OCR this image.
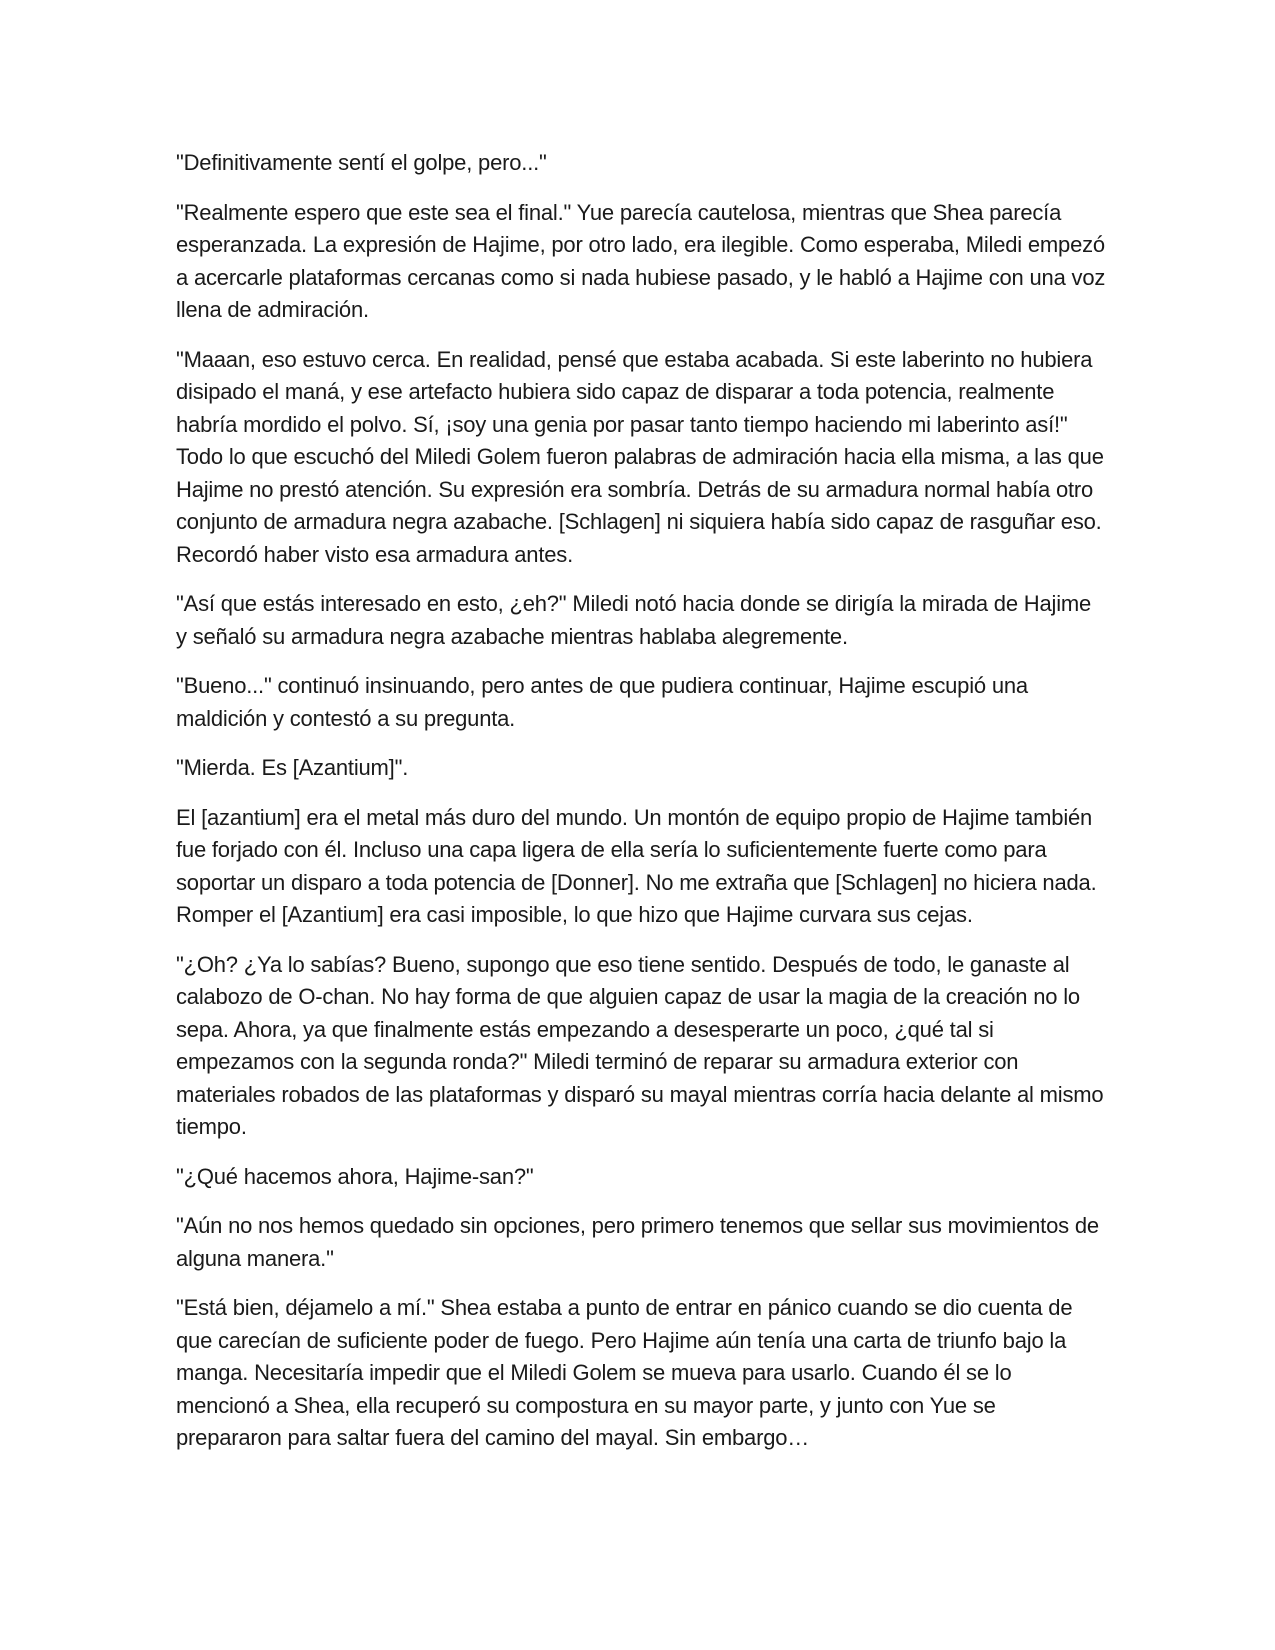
"Definitivamente sentí el golpe, pero..."

"Realmente espero que este sea el final." Yue parecía cautelosa, mientras que Shea parecía esperanzada. La expresión de Hajime, por otro lado, era ilegible. Como esperaba, Miledi empezó a acercarle plataformas cercanas como si nada hubiese pasado, y le habló a Hajime con una voz llena de admiración.

"Maaan, eso estuvo cerca. En realidad, pensé que estaba acabada. Si este laberinto no hubiera disipado el maná, y ese artefacto hubiera sido capaz de disparar a toda potencia, realmente habría mordido el polvo. Sí, ¡soy una genia por pasar tanto tiempo haciendo mi laberinto así!" Todo lo que escuchó del Miledi Golem fueron palabras de admiración hacia ella misma, a las que Hajime no prestó atención. Su expresión era sombría. Detrás de su armadura normal había otro conjunto de armadura negra azabache. [Schlagen] ni siquiera había sido capaz de rasguñar eso. Recordó haber visto esa armadura antes.

"Así que estás interesado en esto, ¿eh?" Miledi notó hacia donde se dirigía la mirada de Hajime y señaló su armadura negra azabache mientras hablaba alegremente.

"Bueno..." continuó insinuando, pero antes de que pudiera continuar, Hajime escupió una maldición y contestó a su pregunta.

"Mierda. Es [Azantium]".

El [azantium] era el metal más duro del mundo. Un montón de equipo propio de Hajime también fue forjado con él. Incluso una capa ligera de ella sería lo suficientemente fuerte como para soportar un disparo a toda potencia de [Donner]. No me extraña que [Schlagen] no hiciera nada. Romper el [Azantium] era casi imposible, lo que hizo que Hajime curvara sus cejas.

"¿Oh? ¿Ya lo sabías? Bueno, supongo que eso tiene sentido. Después de todo, le ganaste al calabozo de O-chan. No hay forma de que alguien capaz de usar la magia de la creación no lo sepa. Ahora, ya que finalmente estás empezando a desesperarte un poco, ¿qué tal si empezamos con la segunda ronda?" Miledi terminó de reparar su armadura exterior con materiales robados de las plataformas y disparó su mayal mientras corría hacia delante al mismo tiempo.

"¿Qué hacemos ahora, Hajime-san?"

"Aún no nos hemos quedado sin opciones, pero primero tenemos que sellar sus movimientos de alguna manera."

"Está bien, déjamelo a mí." Shea estaba a punto de entrar en pánico cuando se dio cuenta de que carecían de suficiente poder de fuego. Pero Hajime aún tenía una carta de triunfo bajo la manga. Necesitaría impedir que el Miledi Golem se mueva para usarlo. Cuando él se lo mencionó a Shea, ella recuperó su compostura en su mayor parte, y junto con Yue se prepararon para saltar fuera del camino del mayal. Sin embargo…
